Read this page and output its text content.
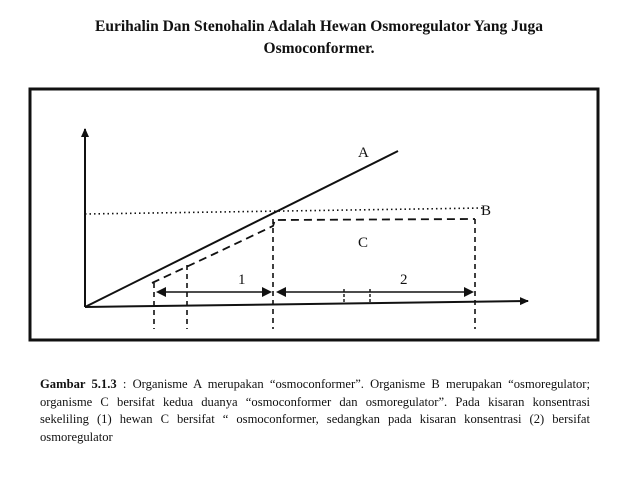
Eurihalin Dan Stenohalin Adalah Hewan Osmoregulator Yang Juga
Osmoconformer.
A
B
C
1	2
Gambar 5.1.3 : Organisme A merupakan “osmoconformer”. Organisme B merupakan “osmoregulator; organisme C bersifat kedua duanya “osmoconformer dan osmoregulator”. Pada kisaran konsentrasi sekeliling (1) hewan C bersifat “ osmoconformer, sedangkan pada kisaran konsentrasi (2) bersifat osmoregulator
